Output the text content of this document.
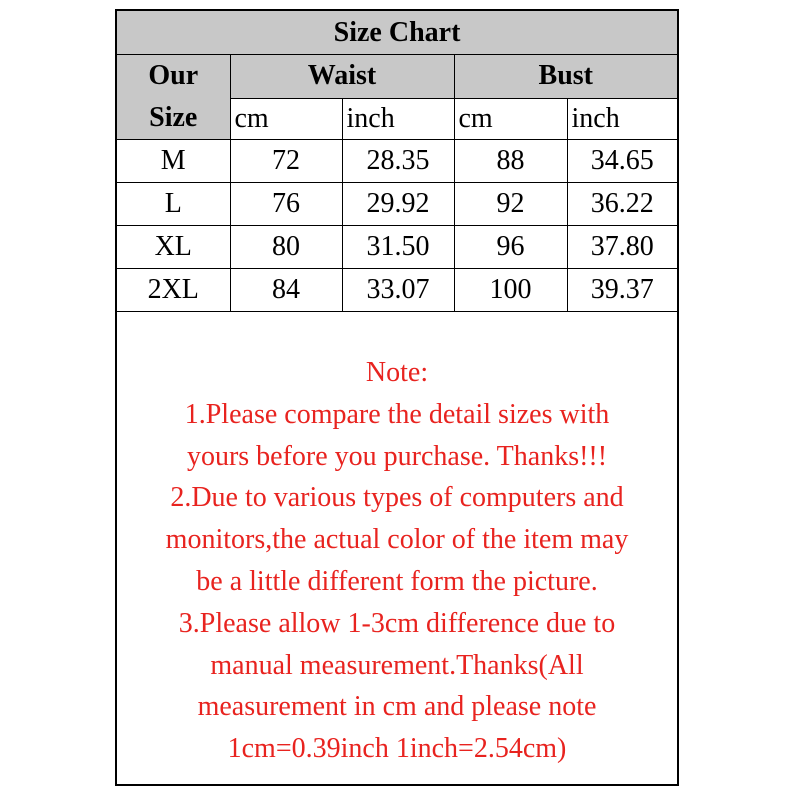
Size Chart				

Our
Size	Waist		Bust	
	cm	inch	cm	inch
M	72	28.35	88	34.65
L	76	29.92	92	36.22
XL	80	31.50	96	37.80
2XL	84	33.07	100	39.37
Note:
1.Please compare the detail sizes with
yours before you purchase. Thanks!!!
2.Due to various types of computers and
monitors,the actual color of the item may
be a little different form the picture.
3.Please allow 1-3cm difference due to
manual measurement.Thanks(All
measurement in cm and please note
1cm=0.39inch 1inch=2.54cm)
